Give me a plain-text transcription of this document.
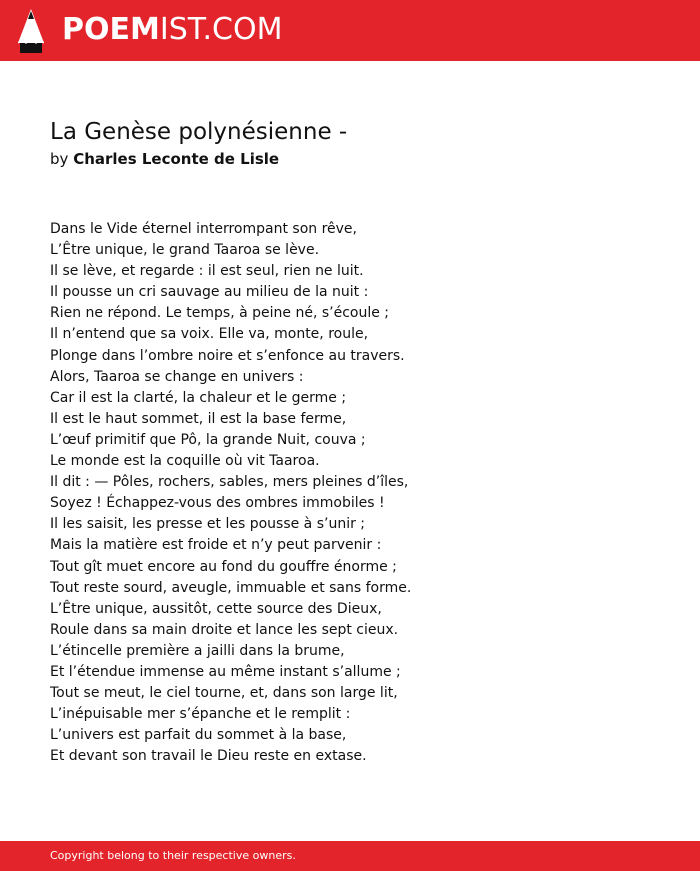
POEMIST.COM
La Genèse polynésienne -
by Charles Leconte de Lisle
Dans le Vide éternel interrompant son rêve,
L’Être unique, le grand Taaroa se lève.
Il se lève, et regarde : il est seul, rien ne luit.
Il pousse un cri sauvage au milieu de la nuit :
Rien ne répond. Le temps, à peine né, s’écoule ;
Il n’entend que sa voix. Elle va, monte, roule,
Plonge dans l’ombre noire et s’enfonce au travers.
Alors, Taaroa se change en univers :
Car il est la clarté, la chaleur et le germe ;
Il est le haut sommet, il est la base ferme,
L’œuf primitif que Pô, la grande Nuit, couva ;
Le monde est la coquille où vit Taaroa.
Il dit : — Pôles, rochers, sables, mers pleines d’îles,
Soyez ! Échappez-vous des ombres immobiles !
Il les saisit, les presse et les pousse à s’unir ;
Mais la matière est froide et n’y peut parvenir :
Tout gît muet encore au fond du gouffre énorme ;
Tout reste sourd, aveugle, immuable et sans forme.
L’Être unique, aussitôt, cette source des Dieux,
Roule dans sa main droite et lance les sept cieux.
L’étincelle première a jailli dans la brume,
Et l’étendue immense au même instant s’allume ;
Tout se meut, le ciel tourne, et, dans son large lit,
L’inépuisable mer s’épanche et le remplit :
L’univers est parfait du sommet à la base,
Et devant son travail le Dieu reste en extase.
Copyright belong to their respective owners.
